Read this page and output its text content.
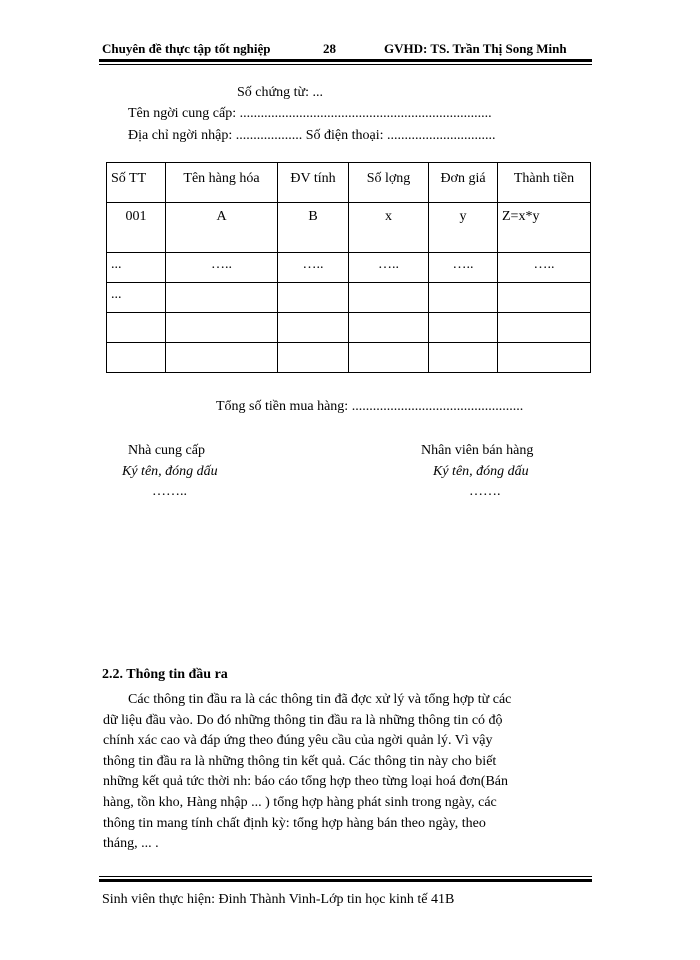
Chuyên đề thực tập tốt nghiệp	28	GVHD: TS. Trần Thị Song Minh
Số chứng từ: ...
Tên ngời cung cấp: ........................................................................
Địa chỉ ngời nhập: ................... Số điện thoại: ...............................
Số TT	Tên hàng hóa	ĐV tính	Số lợng	Đơn giá	Thành tiền
001	A	B	x	y	Z=x*y
...	…..	…..	…..	…..	…..
...					

Tổng số tiền mua hàng: .................................................
Nhà cung cấp
Ký tên, đóng dấu
……..
Nhân viên bán hàng
Ký tên, đóng dấu
…….
2.2. Thông tin đầu ra
Các thông tin đầu ra là các thông tin đã đợc xử lý và tổng hợp từ các
dữ liệu đầu vào. Do đó những thông tin đầu ra là những thông tin có độ
chính xác cao và đáp ứng theo đúng yêu cầu của ngời quản lý. Vì vậy
thông tin đầu ra là những thông tin kết quả. Các thông tin này cho biết
những kết quả tức thời nh: báo cáo tổng hợp theo từng loại hoá đơn(Bán
hàng, tồn kho, Hàng nhập ... ) tổng hợp hàng phát sinh trong ngày, các
thông tin mang tính chất định kỳ: tổng hợp hàng bán theo ngày, theo
tháng, ... .
Sinh viên thực hiện: Đinh Thành Vinh-Lớp tin học kinh tế 41B
